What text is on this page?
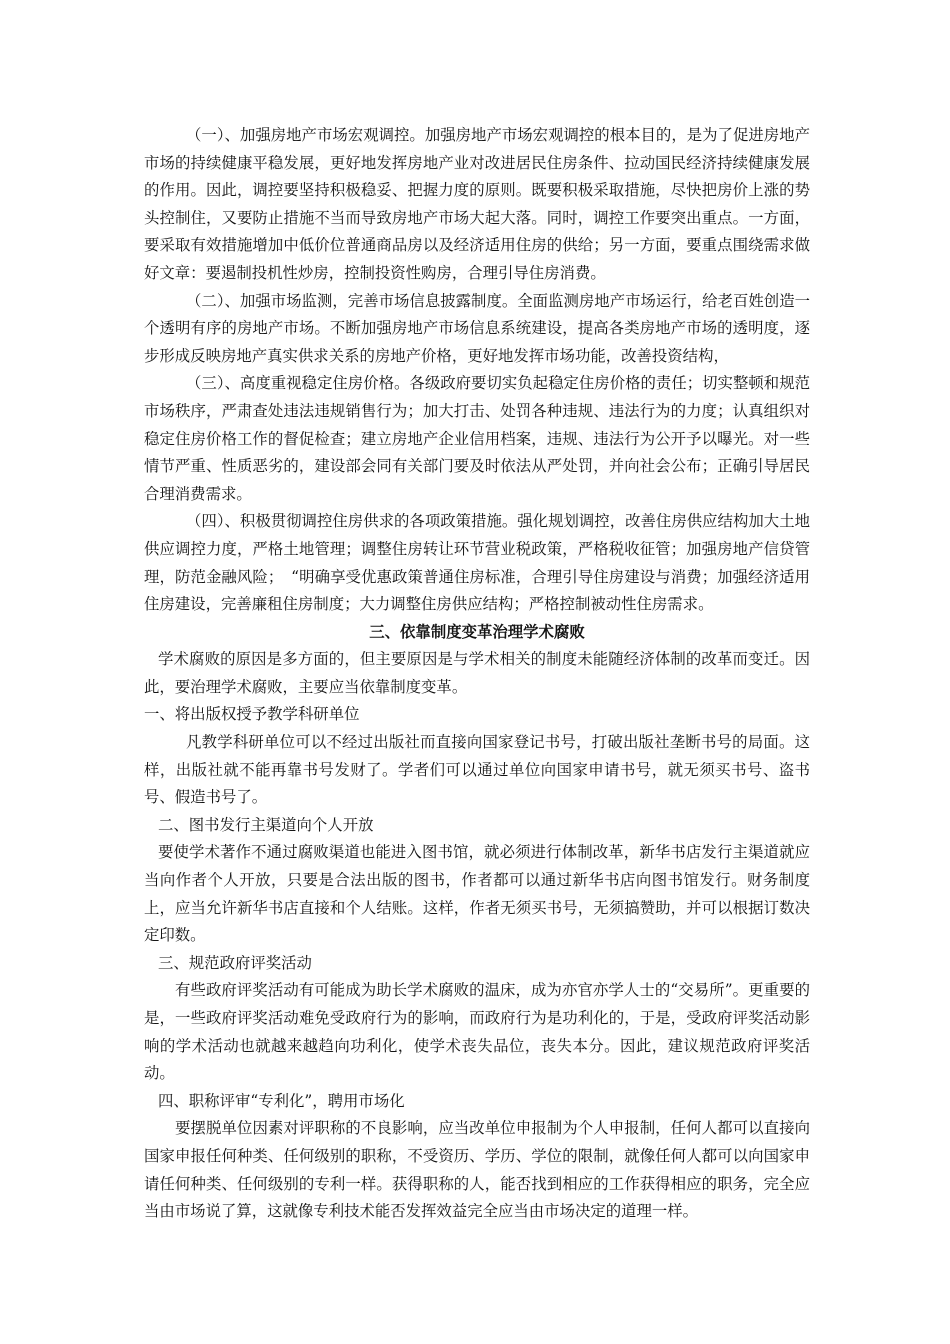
（一）、加强房地产市场宏观调控。加强房地产市场宏观调控的根本目的，是为了促进房地产市场的持续健康平稳发展，更好地发挥房地产业对改进居民住房条件、拉动国民经济持续健康发展的作用。因此，调控要坚持积极稳妥、把握力度的原则。既要积极采取措施，尽快把房价上涨的势头控制住，又要防止措施不当而导致房地产市场大起大落。同时，调控工作要突出重点。一方面，要采取有效措施增加中低价位普通商品房以及经济适用住房的供给；另一方面，要重点围绕需求做好文章：要遏制投机性炒房，控制投资性购房，合理引导住房消费。

（二）、加强市场监测，完善市场信息披露制度。全面监测房地产市场运行，给老百姓创造一个透明有序的房地产市场。不断加强房地产市场信息系统建设，提高各类房地产市场的透明度，逐步形成反映房地产真实供求关系的房地产价格，更好地发挥市场功能，改善投资结构，

（三）、高度重视稳定住房价格。各级政府要切实负起稳定住房价格的责任；切实整顿和规范市场秩序，严肃查处违法违规销售行为；加大打击、处罚各种违规、违法行为的力度；认真组织对稳定住房价格工作的督促检查；建立房地产企业信用档案，违规、违法行为公开予以曝光。对一些情节严重、性质恶劣的，建设部会同有关部门要及时依法从严处罚，并向社会公布；正确引导居民合理消费需求。

（四）、积极贯彻调控住房供求的各项政策措施。强化规划调控，改善住房供应结构加大土地供应调控力度，严格土地管理；调整住房转让环节营业税政策，严格税收征管；加强房地产信贷管理，防范金融风险；　“明确享受优惠政策普通住房标准，合理引导住房建设与消费；加强经济适用住房建设，完善廉租住房制度；大力调整住房供应结构；严格控制被动性住房需求。

三、依靠制度变革治理学术腐败

学术腐败的原因是多方面的，但主要原因是与学术相关的制度未能随经济体制的改革而变迁。因此，要治理学术腐败，主要应当依靠制度变革。

一、将出版权授予教学科研单位

凡教学科研单位可以不经过出版社而直接向国家登记书号，打破出版社垄断书号的局面。这样，出版社就不能再靠书号发财了。学者们可以通过单位向国家申请书号，就无须买书号、盗书号、假造书号了。

二、图书发行主渠道向个人开放

要使学术著作不通过腐败渠道也能进入图书馆，就必须进行体制改革，新华书店发行主渠道就应当向作者个人开放，只要是合法出版的图书，作者都可以通过新华书店向图书馆发行。财务制度上，应当允许新华书店直接和个人结账。这样，作者无须买书号，无须搞赞助，并可以根据订数决定印数。

三、规范政府评奖活动

有些政府评奖活动有可能成为助长学术腐败的温床，成为亦官亦学人士的“交易所”。更重要的是，一些政府评奖活动难免受政府行为的影响，而政府行为是功利化的，于是，受政府评奖活动影响的学术活动也就越来越趋向功利化，使学术丧失品位，丧失本分。因此，建议规范政府评奖活动。

四、职称评审“专利化”，聘用市场化

要摆脱单位因素对评职称的不良影响，应当改单位申报制为个人申报制，任何人都可以直接向国家申报任何种类、任何级别的职称，不受资历、学历、学位的限制，就像任何人都可以向国家申请任何种类、任何级别的专利一样。获得职称的人，能否找到相应的工作获得相应的职务，完全应当由市场说了算，这就像专利技术能否发挥效益完全应当由市场决定的道理一样。
